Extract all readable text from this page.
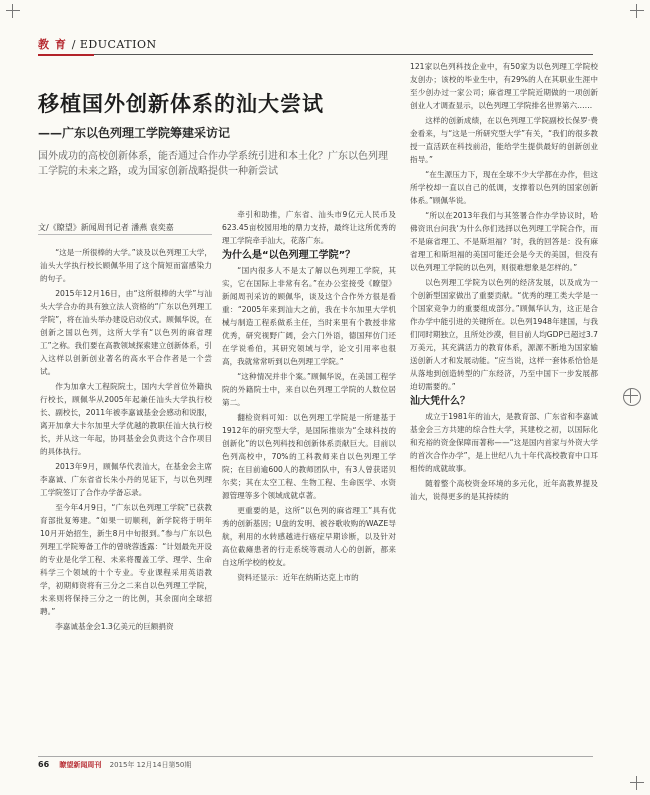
教 育 / EDUCATION
移植国外创新体系的汕大尝试
——广东以色列理工学院筹建采访记
国外成功的高校创新体系，能否通过合作办学系统引进和本土化？广东以色列理工学院的未来之路，或为国家创新战略提供一种新尝试
文/《瞭望》新闻周刊记者 潘燕 袁奕嘉

“这是一所很棒的大学。”谈及以色列理工大学，汕头大学执行校长顾佩华用了这个简短而富感染力的句子。

2015年12月16日，由“这所很棒的大学”与汕头大学合办的具有独立法人资格的“广东以色列理工学院”，将在汕头举办建设启动仪式。顾佩华说，在创新之国以色列，这所大学有“以色列的麻省理工”之称。我们要在高教领域探索建立创新体系，引入这样以创新创业著名的高水平合作者是一个尝试。

作为加拿大工程院院士，国内大学首位外籍执行校长，顾佩华从2005年起兼任汕头大学执行校长、副校长，2011年被李嘉诚基金会感动和说服，离开加拿大卡尔加里大学优越的教职任汕大执行校长，并从这一年起，协同基金会负责这个合作项目的具体执行。

2013年9月，顾佩华代表汕大，在基金会主席李嘉诚、广东省省长朱小丹的见证下，与以色列理工学院签订了合作办学备忘录。

至今年4月9日，“广东以色列理工学院”已获教育部批复筹建。“如果一切顺利，新学院将于明年10月开始招生，新生8月中旬报到。”参与广东以色列理工学院筹备工作的曾晓蓉透露：“计划最先开设的专业是化学工程、未来将覆盖工学、理学、生命科学三个领域的十个专业。专业课程采用英语教学，初期师资将有三分之二来自以色列理工学院，未来则将保持三分之一的比例，其余面向全球招聘。”

李嘉诚基金会1.3亿美元的巨额捐资

牵引和助推，广东省、汕头市9亿元人民币及623.45亩校园用地的鼎力支持，最终让这所优秀的理工学院牵手汕大，花落广东。

为什么是“以色列理工学院”？

“国内很多人不是太了解以色列理工学院，其实，它在国际上非常有名。”在办公室接受《瞭望》新闻周刊采访的顾佩华，谈及这个合作外方很是看重：“2005年来到汕大之前，我在卡尔加里大学机械与制造工程系做系主任，当时来里有个教授非常优秀，研究视野广阔，会六门外语，德国拜仿门还在学说希伯，其研究领域与学，论文引用率也很高，我就常常听到以色列理工学院。”

“这种情况并非个案。”顾佩华说，在美国工程学院的外籍院士中，来自以色列理工学院的人数位居第二。

翻检资料可知：以色列理工学院是一所建基于1912年的研究型大学，是国际推崇为“全球科技的创新化”的以色列科技和创新体系贡献巨大。目前以色列高校中，70%的工科教师来自以色列理工学院；在目前逾600人的教师团队中，有3人曾获诺贝尔奖；其在太空工程、生物工程、生命医学、水资源管理等多个领域成就卓著。

更重要的是，这所“以色列的麻省理工”具有优秀的创新基因；U盘的发明、被谷歌收购的WAZE导航，利用的水转感越进行癌症早期诊断，以及针对高位截瘫患者的行走系统等震动人心的创新，都来自这所学校的校友。

资料还显示：近年在纳斯达克上市的

121家以色列科技企业中，有50家为以色列理工学院校友创办；该校的毕业生中，有29%的人在其职业生涯中至少创办过一家公司；麻省理工学院近期做的一项创新创业人才调查显示，以色列理工学院排名世界第六……

这样的创新成绩，在以色列理工学院副校长保罗·费金看来，与“这是一所研究型大学”有关，“我们的很多教授一直活跃在科技前沿，能给学生提供最好的创新创业指导。”

“在生源压力下，现在全球不少大学都在办作，但这所学校却一直以自己的低调，支撑着以色列的国家创新体系。”顾佩华说。

“所以在2013年我们与其签署合作办学协议时，哈佛资讯台问我‘为什么你们选择以色列理工学院合作，而不是麻省理工、不是斯坦福？’时，我的回答是：没有麻省理工和斯坦福的美国可能还会是今天的美国，但没有以色列理工学院的以色列，则很难想象是怎样的。”

以色列理工学院为以色列的经济发展，以及成为一个创新型国家做出了重要贡献。“优秀的理工类大学是一个国家竞争力的重要组成部分。”顾佩华认为，这正是合作办学中能引进的关键所在。以色列1948年建国，与我们同时期独立，且所处沙漠，但目前人均GDP已超过3.7万美元，其充满活力的教育体系，源源不断地为国家输送创新人才和发展动能。“应当说，这样一套体系恰恰是从落地到创造转型的广东经济，乃至中国下一步发展都迫切需要的。”

汕大凭什么？

成立于1981年的汕大，是教育部、广东省和李嘉诚基金会三方共建的综合性大学，其建校之初，以国际化和充裕的资金保障而著称——“这是国内首家与外资大学的首次合作办学”，是上世纪八九十年代高校教育中口耳相传的成就故事。

随着整个高校资金环境的多元化，近年高教界提及汕大，说得更多的是其持续的

66 瞭望新闻周刊 2015年 12月14日第50期
